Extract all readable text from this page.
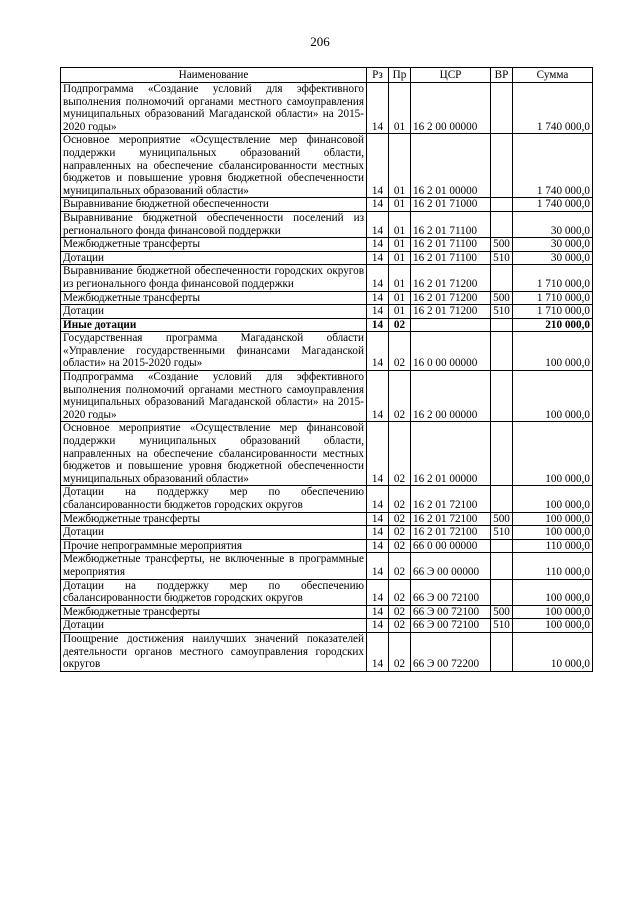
206
Наименование	Рз	Пр	ЦСР	ВР	Сумма
Подпрограмма «Создание условий для эффективного выполнения полномочий органами местного самоуправления муниципальных образований Магаданской области» на 2015-2020 годы»	14	01	16 2 00 00000		1 740 000,0
Основное мероприятие «Осуществление мер финансовой поддержки муниципальных образований области, направленных на обеспечение сбалансированности местных бюджетов и повышение уровня бюджетной обеспеченности муниципальных образований области»	14	01	16 2 01 00000		1 740 000,0
Выравнивание бюджетной обеспеченности	14	01	16 2 01 71000		1 740 000,0
Выравнивание бюджетной обеспеченности поселений из регионального фонда финансовой поддержки	14	01	16 2 01 71100		30 000,0
Межбюджетные трансферты	14	01	16 2 01 71100	500	30 000,0
Дотации	14	01	16 2 01 71100	510	30 000,0
Выравнивание бюджетной обеспеченности городских округов из регионального фонда финансовой поддержки	14	01	16 2 01 71200		1 710 000,0
Межбюджетные трансферты	14	01	16 2 01 71200	500	1 710 000,0
Дотации	14	01	16 2 01 71200	510	1 710 000,0
Иные дотации	14	02			210 000,0
Государственная программа Магаданской области «Управление государственными финансами Магаданской области» на 2015-2020 годы»	14	02	16 0 00 00000		100 000,0
Подпрограмма «Создание условий для эффективного выполнения полномочий органами местного самоуправления муниципальных образований Магаданской области» на 2015-2020 годы»	14	02	16 2 00 00000		100 000,0
Основное мероприятие «Осуществление мер финансовой поддержки муниципальных образований области, направленных на обеспечение сбалансированности местных бюджетов и повышение уровня бюджетной обеспеченности муниципальных образований области»	14	02	16 2 01 00000		100 000,0
Дотации на поддержку мер по обеспечению сбалансированности бюджетов городских округов	14	02	16 2 01 72100		100 000,0
Межбюджетные трансферты	14	02	16 2 01 72100	500	100 000,0
Дотации	14	02	16 2 01 72100	510	100 000,0
Прочие непрограммные мероприятия	14	02	66 0 00 00000		110 000,0
Межбюджетные трансферты, не включенные в программные мероприятия	14	02	66 Э 00 00000		110 000,0
Дотации на поддержку мер по обеспечению сбалансированности бюджетов городских округов	14	02	66 Э 00 72100		100 000,0
Межбюджетные трансферты	14	02	66 Э 00 72100	500	100 000,0
Дотации	14	02	66 Э 00 72100	510	100 000,0
Поощрение достижения наилучших значений показателей деятельности органов местного самоуправления городских округов	14	02	66 Э 00 72200		10 000,0
